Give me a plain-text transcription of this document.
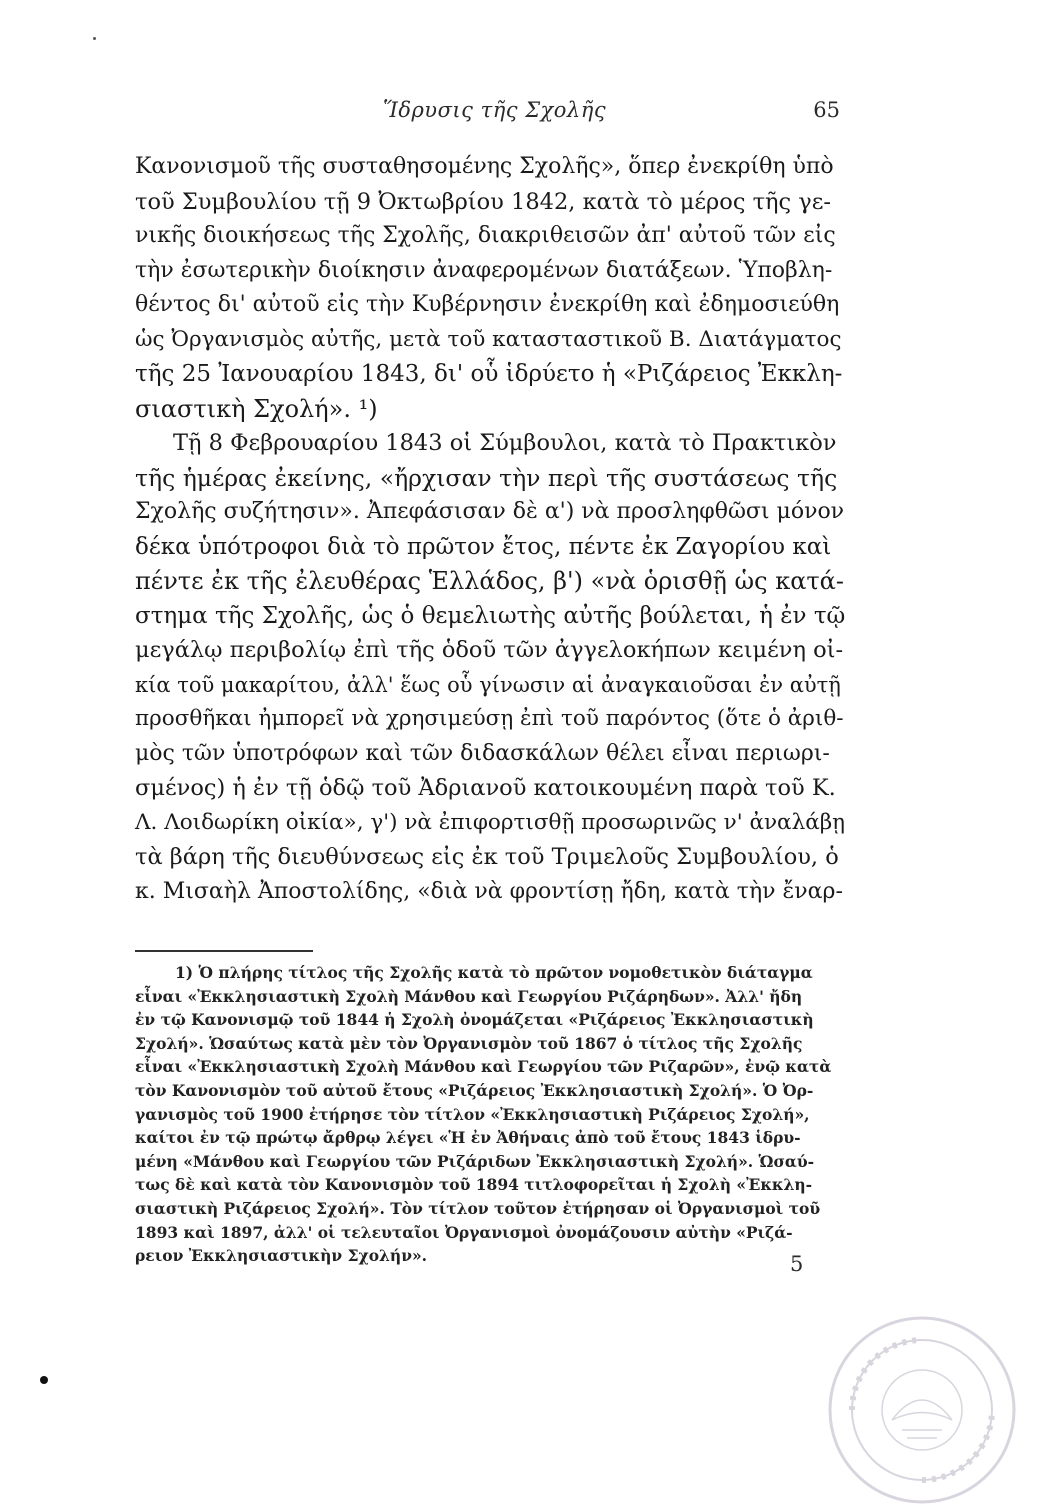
Ἵδρυσις τῆς Σχολῆς	65
Κανονισμοῦ τῆς συσταθησομένης Σχολῆς», ὅπερ ἐνεκρίθη ὑπὸ
τοῦ Συμβουλίου τῇ 9 Ὀκτωβρίου 1842, κατὰ τὸ μέρος τῆς γε-
νικῆς διοικήσεως τῆς Σχολῆς, διακριθεισῶν ἀπ' αὐτοῦ τῶν εἰς
τὴν ἐσωτερικὴν διοίκησιν ἀναφερομένων διατάξεων. Ὑποβλη-
θέντος δι' αὐτοῦ εἰς τὴν Κυβέρνησιν ἐνεκρίθη καὶ ἐδημοσιεύθη
ὡς Ὀργανισμὸς αὐτῆς, μετὰ τοῦ κατασταστικοῦ Β. Διατάγματος
τῆς 25 Ἰανουαρίου 1843, δι' οὗ ἱδρύετο ἡ «Ριζάρειος Ἐκκλη-
σιαστικὴ Σχολή». ¹)
Τῇ 8 Φεβρουαρίου 1843 οἱ Σύμβουλοι, κατὰ τὸ Πρακτικὸν
τῆς ἡμέρας ἐκείνης, «ἤρχισαν τὴν περὶ τῆς συστάσεως τῆς
Σχολῆς συζήτησιν». Ἀπεφάσισαν δὲ α') νὰ προσληφθῶσι μόνον
δέκα ὑπότροφοι διὰ τὸ πρῶτον ἔτος, πέντε ἐκ Ζαγορίου καὶ
πέντε ἐκ τῆς ἐλευθέρας Ἑλλάδος, β') «νὰ ὁρισθῇ ὡς κατά-
στημα τῆς Σχολῆς, ὡς ὁ θεμελιωτὴς αὐτῆς βούλεται, ἡ ἐν τῷ
μεγάλῳ περιβολίῳ ἐπὶ τῆς ὁδοῦ τῶν ἀγγελοκήπων κειμένη οἰ-
κία τοῦ μακαρίτου, ἀλλ' ἕως οὗ γίνωσιν αἱ ἀναγκαιοῦσαι ἐν αὐτῇ
προσθῆκαι ἠμπορεῖ νὰ χρησιμεύσῃ ἐπὶ τοῦ παρόντος (ὅτε ὁ ἀριθ-
μὸς τῶν ὑποτρόφων καὶ τῶν διδασκάλων θέλει εἶναι περιωρι-
σμένος) ἡ ἐν τῇ ὁδῷ τοῦ Ἀδριανοῦ κατοικουμένη παρὰ τοῦ Κ.
Λ. Λοιδωρίκη οἰκία», γ') νὰ ἐπιφορτισθῇ προσωρινῶς ν' ἀναλάβῃ
τὰ βάρη τῆς διευθύνσεως εἰς ἐκ τοῦ Τριμελοῦς Συμβουλίου, ὁ
κ. Μισαὴλ Ἀποστολίδης, «διὰ νὰ φροντίσῃ ἤδη, κατὰ τὴν ἔναρ-
1) Ὁ πλήρης τίτλος τῆς Σχολῆς κατὰ τὸ πρῶτον νομοθετικὸν διάταγμα
εἶναι «Ἐκκλησιαστικὴ Σχολὴ Μάνθου καὶ Γεωργίου Ριζάρηδων». Ἀλλ' ἤδη
ἐν τῷ Κανονισμῷ τοῦ 1844 ἡ Σχολὴ ὀνομάζεται «Ριζάρειος Ἐκκλησιαστικὴ
Σχολή». Ὡσαύτως κατὰ μὲν τὸν Ὀργανισμὸν τοῦ 1867 ὁ τίτλος τῆς Σχολῆς
εἶναι «Ἐκκλησιαστικὴ Σχολὴ Μάνθου καὶ Γεωργίου τῶν Ριζαρῶν», ἐνῷ κατὰ
τὸν Κανονισμὸν τοῦ αὐτοῦ ἔτους «Ριζάρειος Ἐκκλησιαστικὴ Σχολή». Ὁ Ὀρ-
γανισμὸς τοῦ 1900 ἐτήρησε τὸν τίτλον «Ἐκκλησιαστικὴ Ριζάρειος Σχολή»,
καίτοι ἐν τῷ πρώτῳ ἄρθρῳ λέγει «Ἡ ἐν Ἀθήναις ἀπὸ τοῦ ἔτους 1843 ἱδρυ-
μένη «Μάνθου καὶ Γεωργίου τῶν Ριζάριδων Ἐκκλησιαστικὴ Σχολή». Ὡσαύ-
τως δὲ καὶ κατὰ τὸν Κανονισμὸν τοῦ 1894 τιτλοφορεῖται ἡ Σχολὴ «Ἐκκλη-
σιαστικὴ Ριζάρειος Σχολή». Τὸν τίτλον τοῦτον ἐτήρησαν οἱ Ὀργανισμοὶ τοῦ
1893 καὶ 1897, ἀλλ' οἱ τελευταῖοι Ὀργανισμοὶ ὀνομάζουσιν αὐτὴν «Ριζά-
ρειον Ἐκκλησιαστικὴν Σχολήν».	5
